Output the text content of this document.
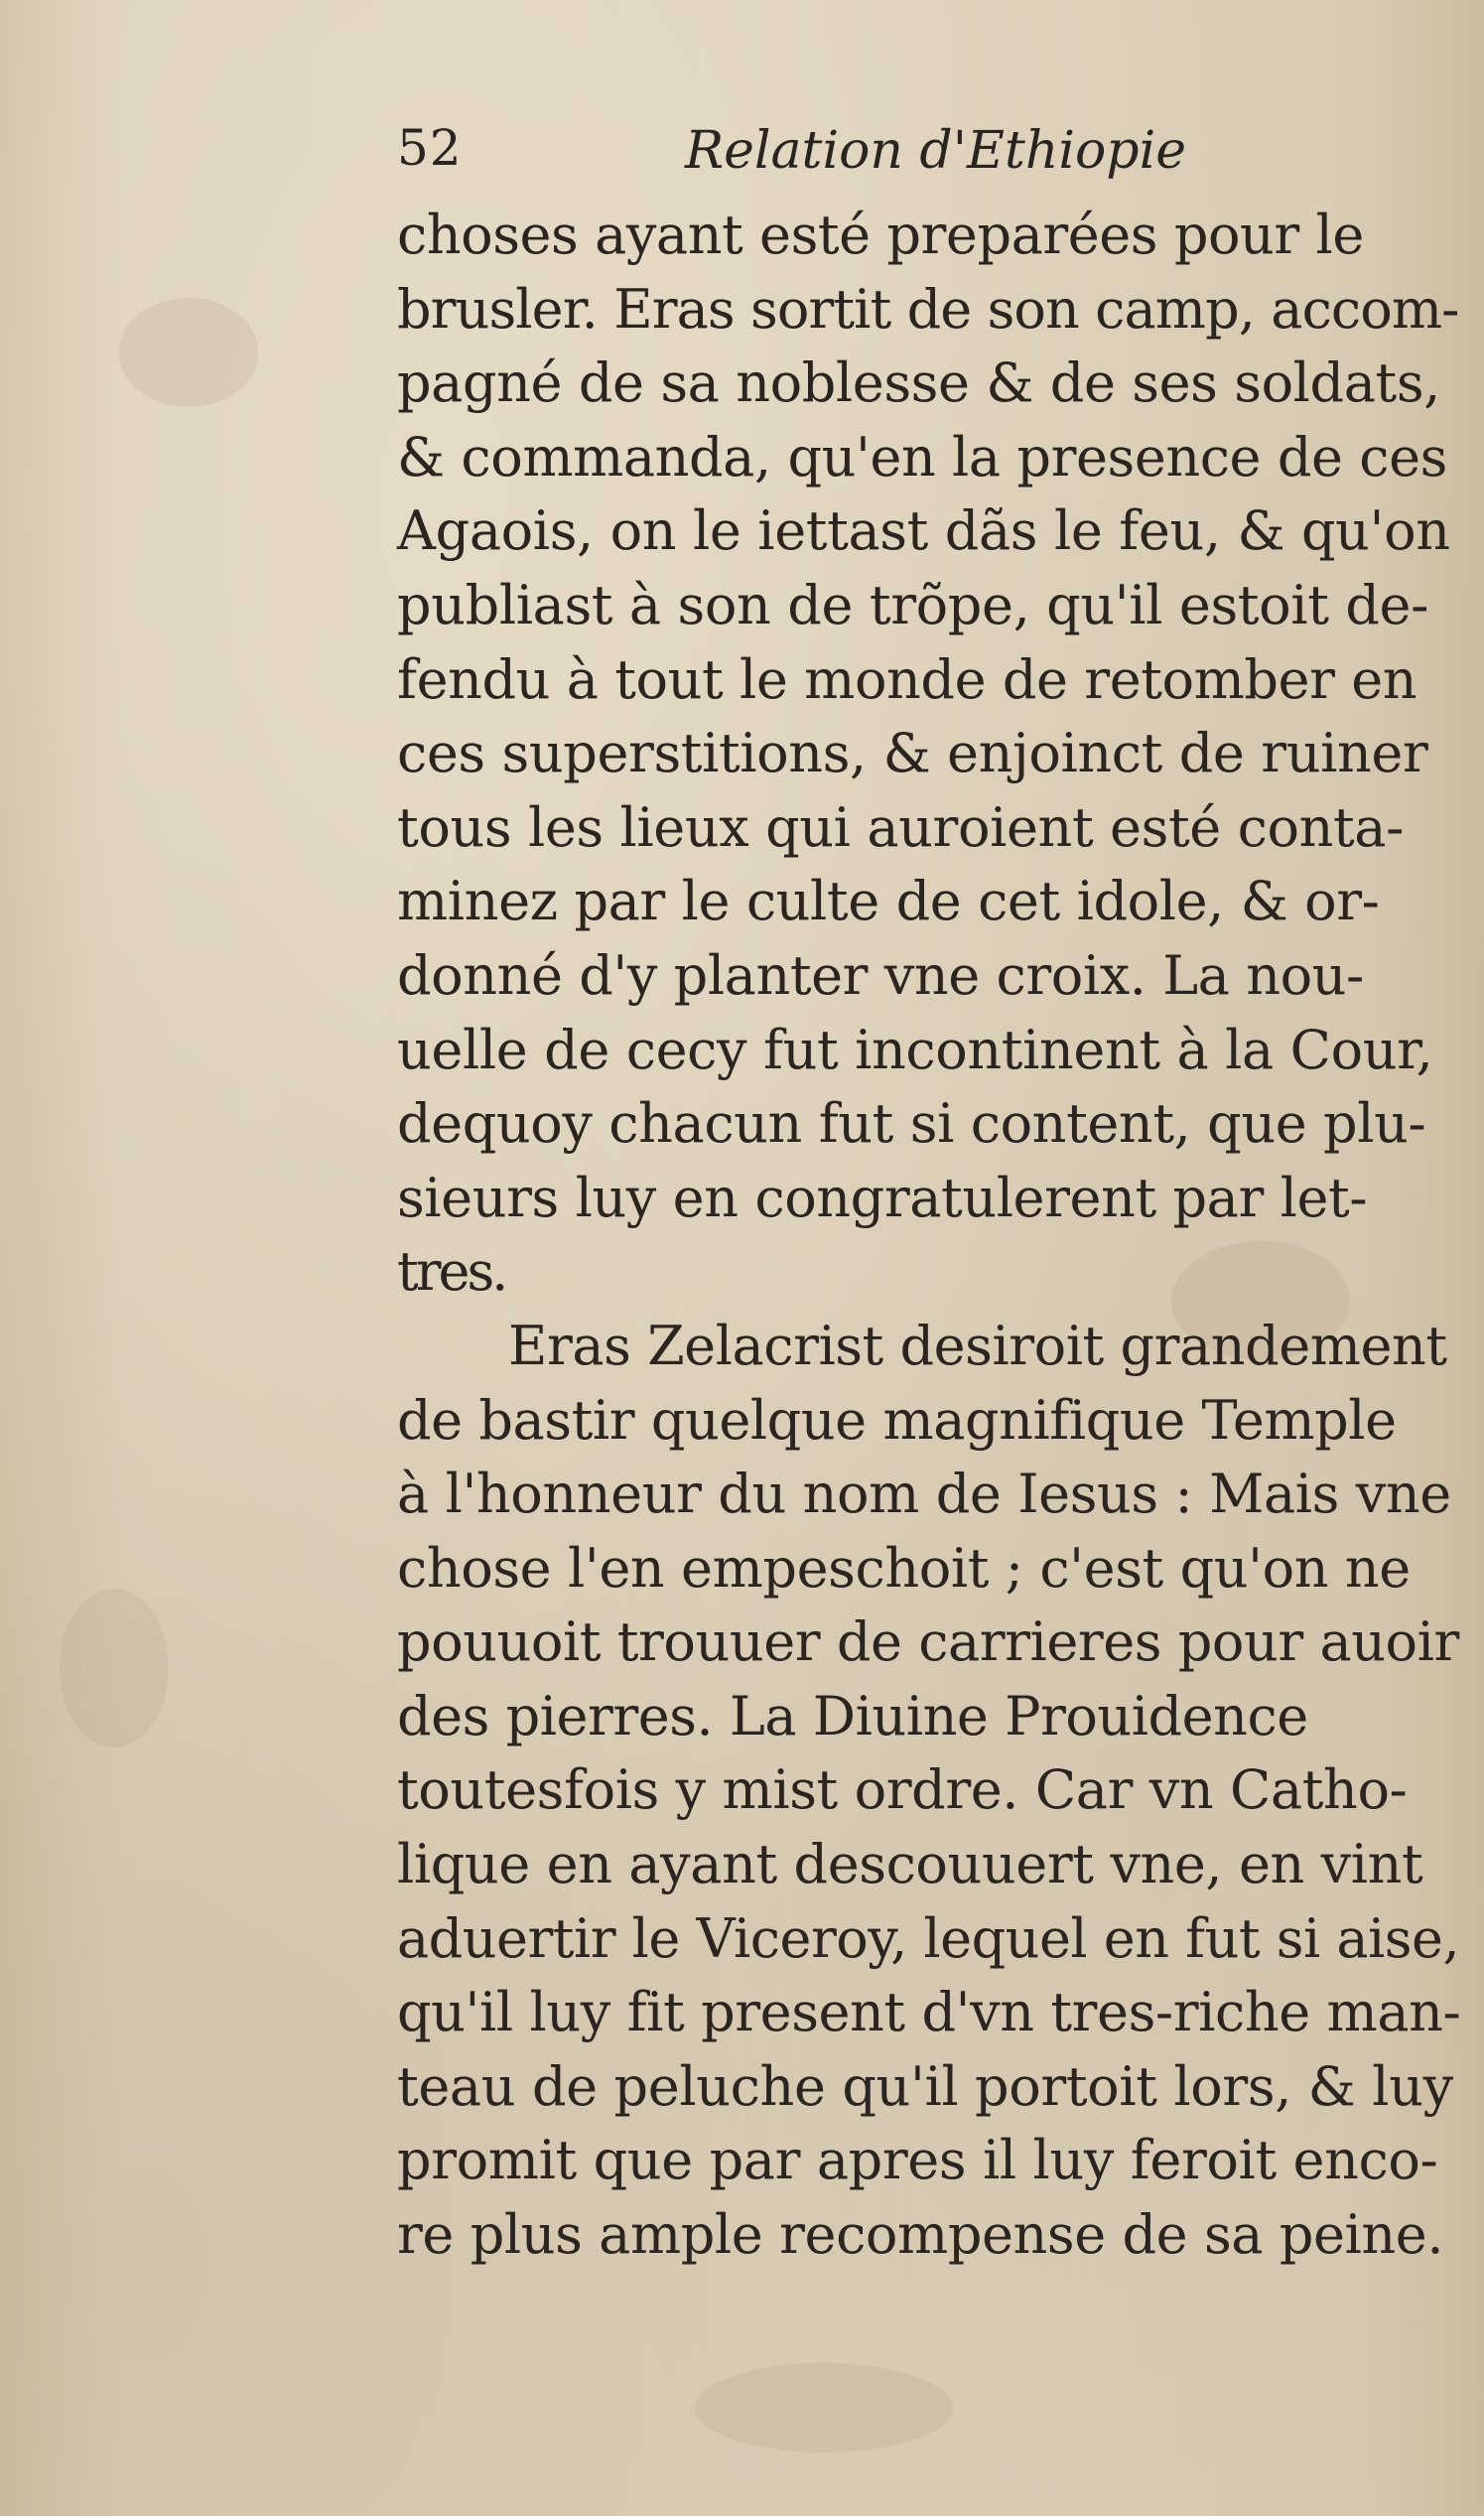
52	Relation d'Ethiopie
choses ayant esté preparées pour le
brusler. Eras sortit de son camp, accom-
pagné de sa noblesse & de ses soldats,
& commanda, qu'en la presence de ces
Agaois, on le iettast dãs le feu, & qu'on
publiast à son de trõpe, qu'il estoit de-
fendu à tout le monde de retomber en
ces superstitions, & enjoinct de ruiner
tous les lieux qui auroient esté conta-
minez par le culte de cet idole, & or-
donné d'y planter vne croix. La nou-
uelle de cecy fut incontinent à la Cour,
dequoy chacun fut si content, que plu-
sieurs luy en congratulerent par let-
tres.
Eras Zelacrist desiroit grandement
de bastir quelque magnifique Temple
à l'honneur du nom de Iesus : Mais vne
chose l'en empeschoit ; c'est qu'on ne
pouuoit trouuer de carrieres pour auoir
des pierres. La Diuine Prouidence
toutesfois y mist ordre. Car vn Catho-
lique en ayant descouuert vne, en vint
aduertir le Viceroy, lequel en fut si aise,
qu'il luy fit present d'vn tres-riche man-
teau de peluche qu'il portoit lors, & luy
promit que par apres il luy feroit enco-
re plus ample recompense de sa peine.
